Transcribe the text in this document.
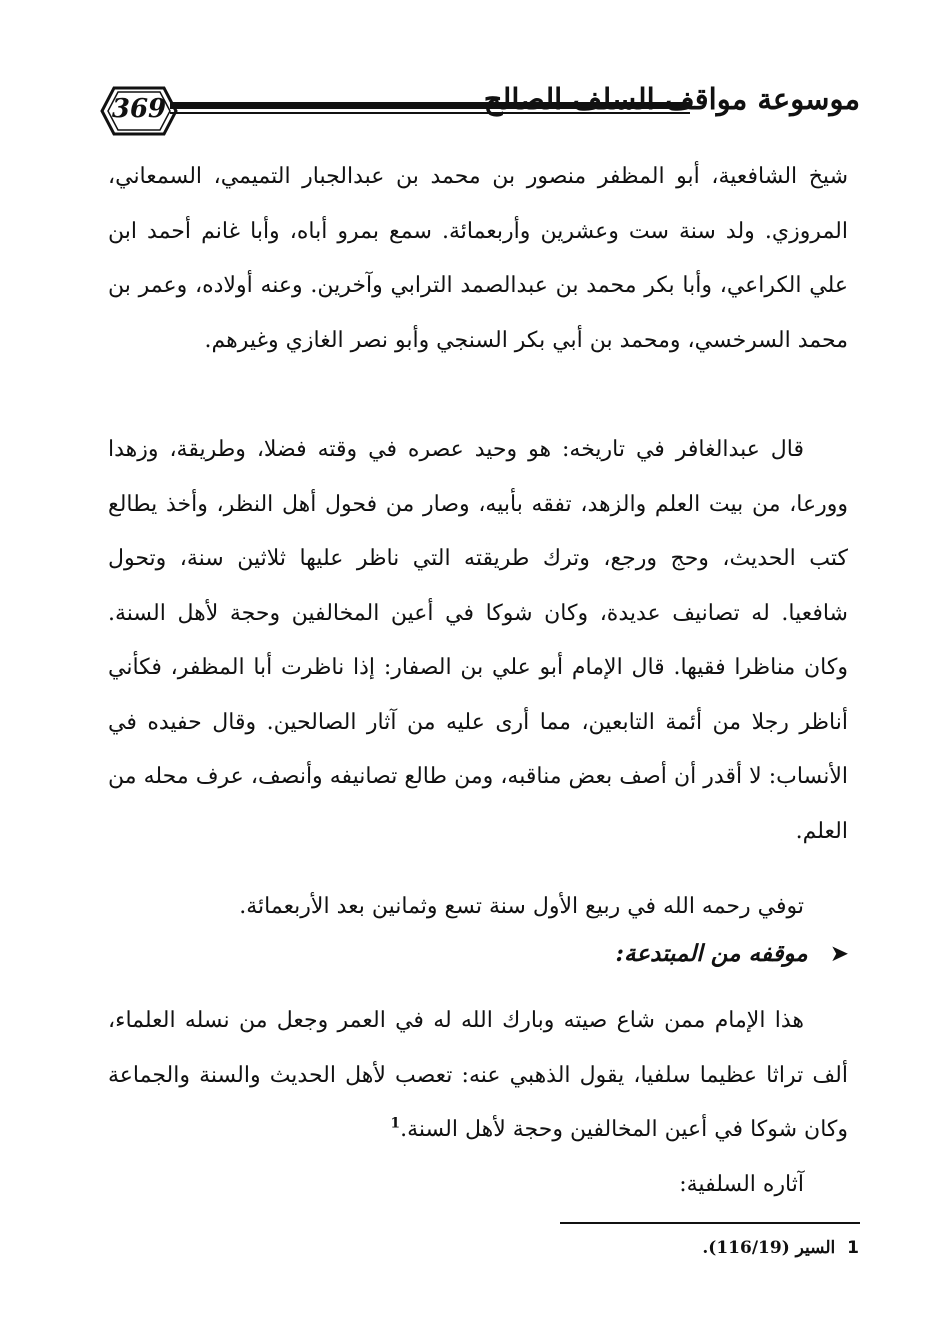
369	موسوعة مواقف السلف الصالح

شيخ الشافعية، أبو المظفر منصور بن محمد بن عبدالجبار التميمي، السمعاني، المروزي. ولد سنة ست وعشرين وأربعمائة. سمع بمرو أباه، وأبا غانم أحمد ابن علي الكراعي، وأبا بكر محمد بن عبدالصمد الترابي وآخرين. وعنه أولاده، وعمر بن محمد السرخسي، ومحمد بن أبي بكر السنجي وأبو نصر الغازي وغيرهم.

قال عبدالغافر في تاريخه: هو وحيد عصره في وقته فضلا، وطريقة، وزهدا وورعا، من بيت العلم والزهد، تفقه بأبيه، وصار من فحول أهل النظر، وأخذ يطالع كتب الحديث، وحج ورجع، وترك طريقته التي ناظر عليها ثلاثين سنة، وتحول شافعيا. له تصانيف عديدة، وكان شوكا في أعين المخالفين وحجة لأهل السنة. وكان مناظرا فقيها. قال الإمام أبو علي بن الصفار: إذا ناظرت أبا المظفر، فكأني أناظر رجلا من أئمة التابعين، مما أرى عليه من آثار الصالحين. وقال حفيده في الأنساب: لا أقدر أن أصف بعض مناقبه، ومن طالع تصانيفه وأنصف، عرف محله من العلم.

توفي رحمه الله في ربيع الأول سنة تسع وثمانين بعد الأربعمائة.

➤ موقفه من المبتدعة:

هذا الإمام ممن شاع صيته وبارك الله له في العمر وجعل من نسله العلماء، ألف تراثا عظيما سلفيا، يقول الذهبي عنه: تعصب لأهل الحديث والسنة والجماعة وكان شوكا في أعين المخالفين وحجة لأهل السنة.$^1$

آثاره السلفية:

1 السير (116/19).
